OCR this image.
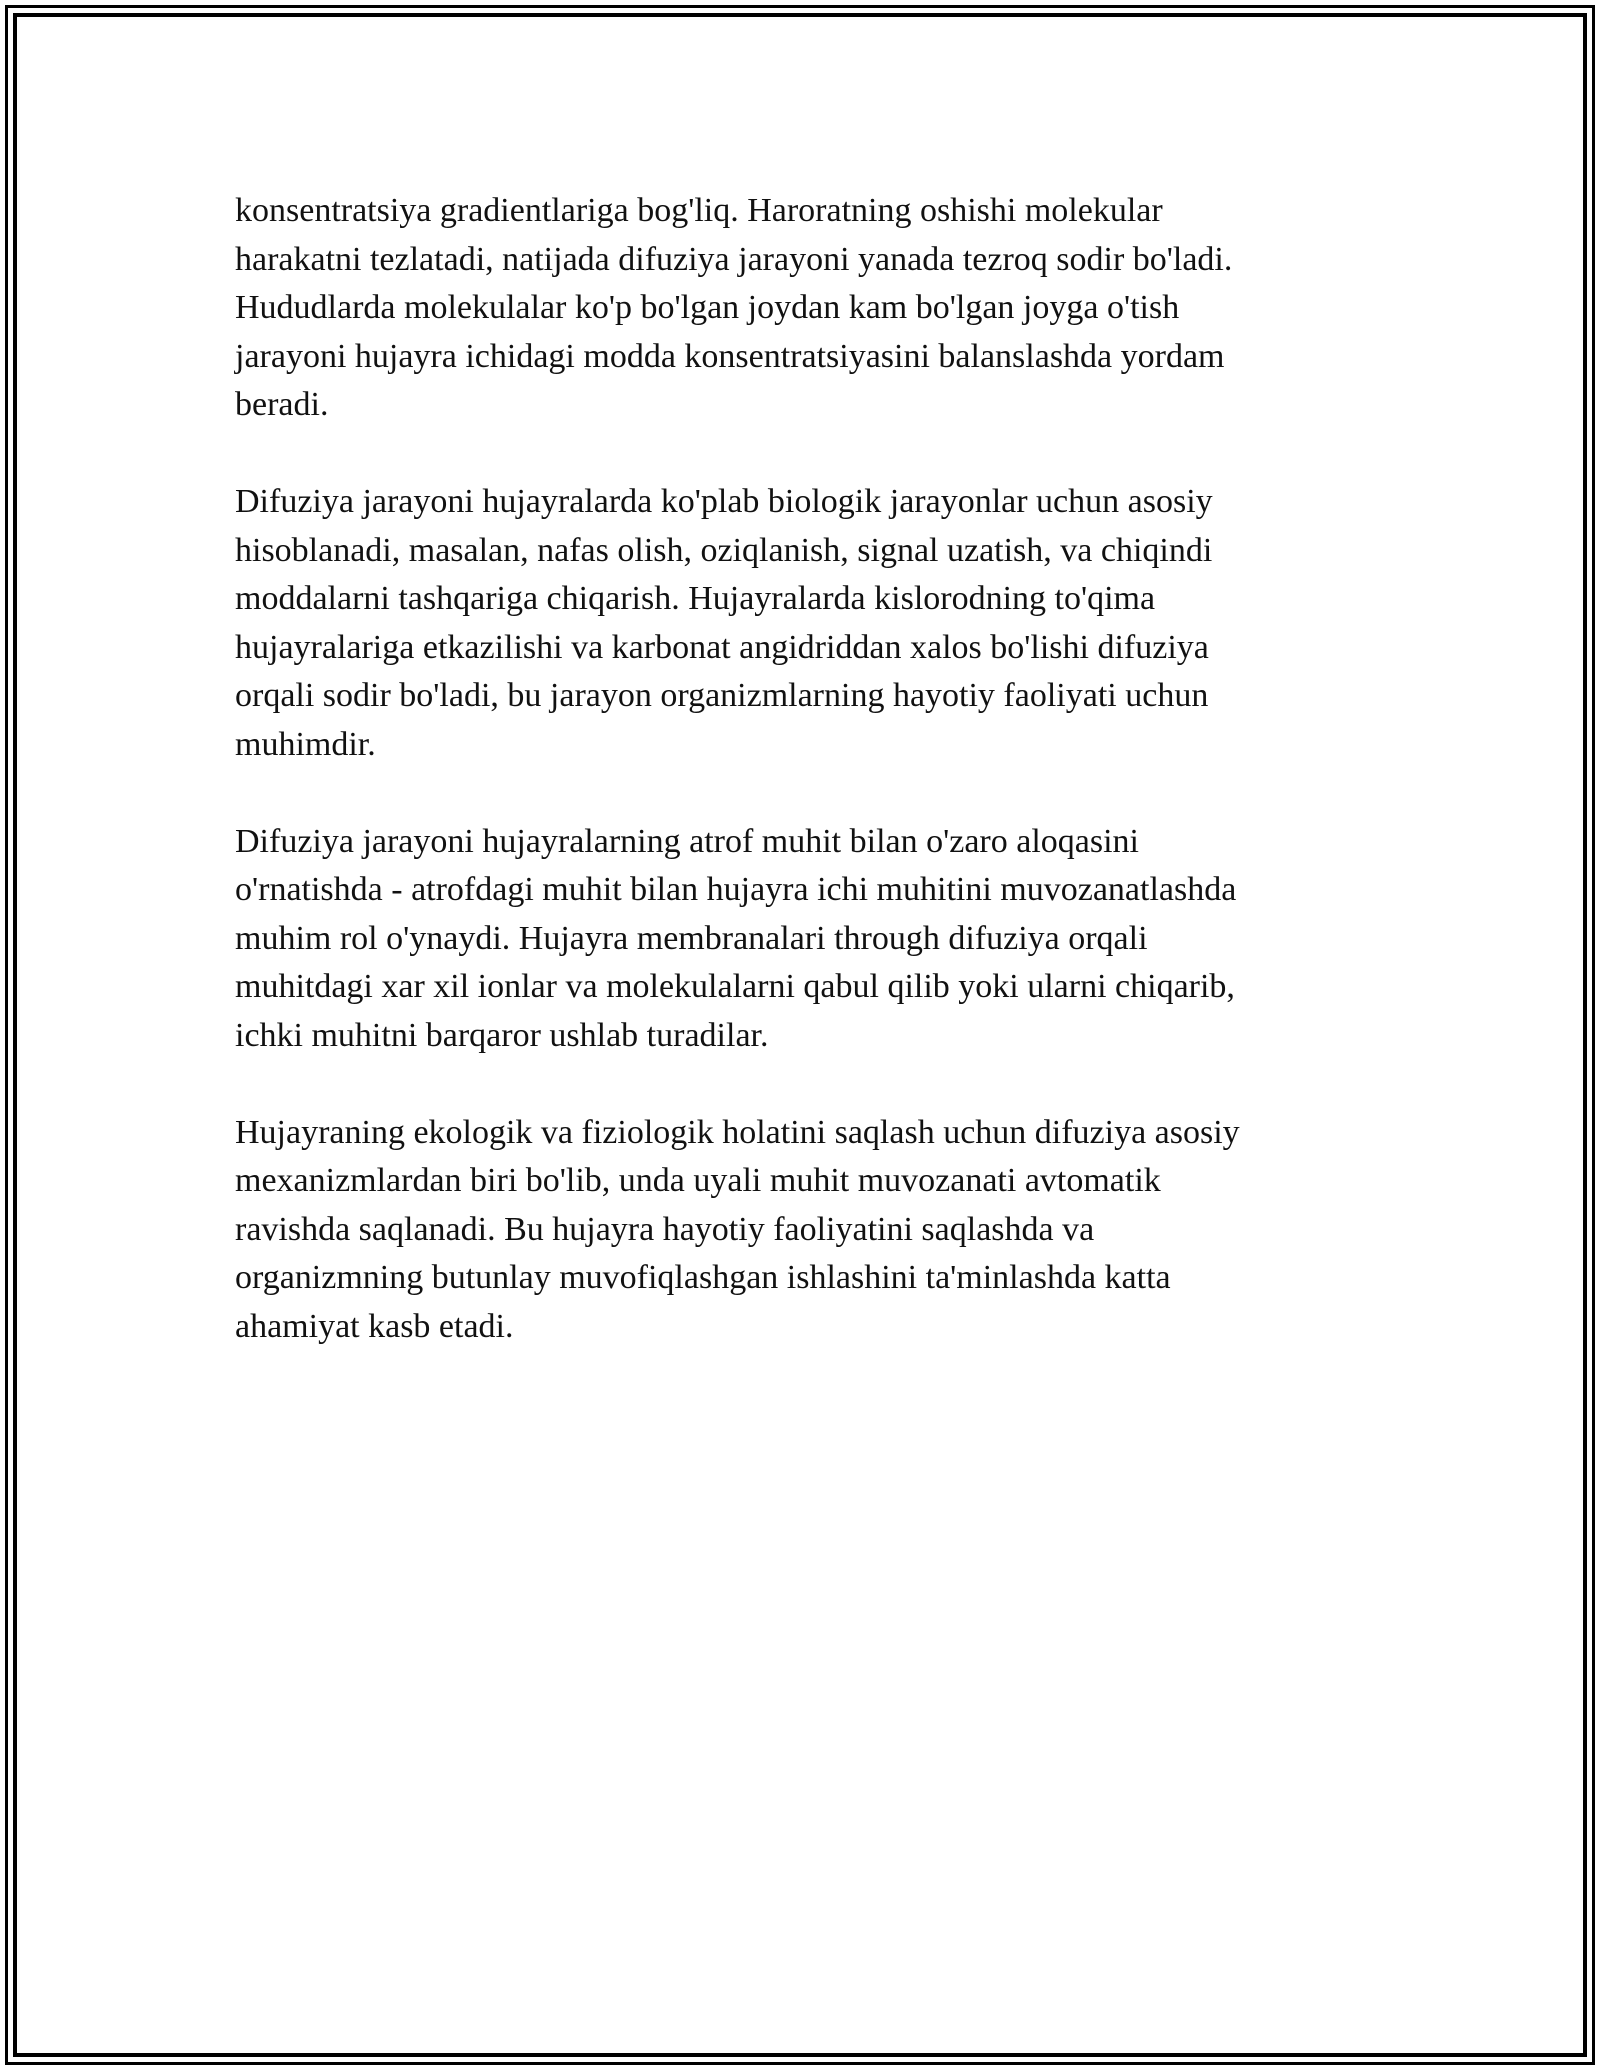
konsentratsiya gradientlariga bog'liq. Haroratning oshishi molekular
harakatni tezlatadi, natijada difuziya jarayoni yanada tezroq sodir bo'ladi.
Hududlarda molekulalar ko'p bo'lgan joydan kam bo'lgan joyga o'tish
jarayoni hujayra ichidagi modda konsentratsiyasini balanslashda yordam
beradi.

Difuziya jarayoni hujayralarda ko'plab biologik jarayonlar uchun asosiy
hisoblanadi, masalan, nafas olish, oziqlanish, signal uzatish, va chiqindi
moddalarni tashqariga chiqarish. Hujayralarda kislorodning to'qima
hujayralariga etkazilishi va karbonat angidriddan xalos bo'lishi difuziya
orqali sodir bo'ladi, bu jarayon organizmlarning hayotiy faoliyati uchun
muhimdir.

Difuziya jarayoni hujayralarning atrof muhit bilan o'zaro aloqasini
o'rnatishda - atrofdagi muhit bilan hujayra ichi muhitini muvozanatlashda
muhim rol o'ynaydi. Hujayra membranalari through difuziya orqali
muhitdagi xar xil ionlar va molekulalarni qabul qilib yoki ularni chiqarib,
ichki muhitni barqaror ushlab turadilar.

Hujayraning ekologik va fiziologik holatini saqlash uchun difuziya asosiy
mexanizmlardan biri bo'lib, unda uyali muhit muvozanati avtomatik
ravishda saqlanadi. Bu hujayra hayotiy faoliyatini saqlashda va
organizmning butunlay muvofiqlashgan ishlashini ta'minlashda katta
ahamiyat kasb etadi.
